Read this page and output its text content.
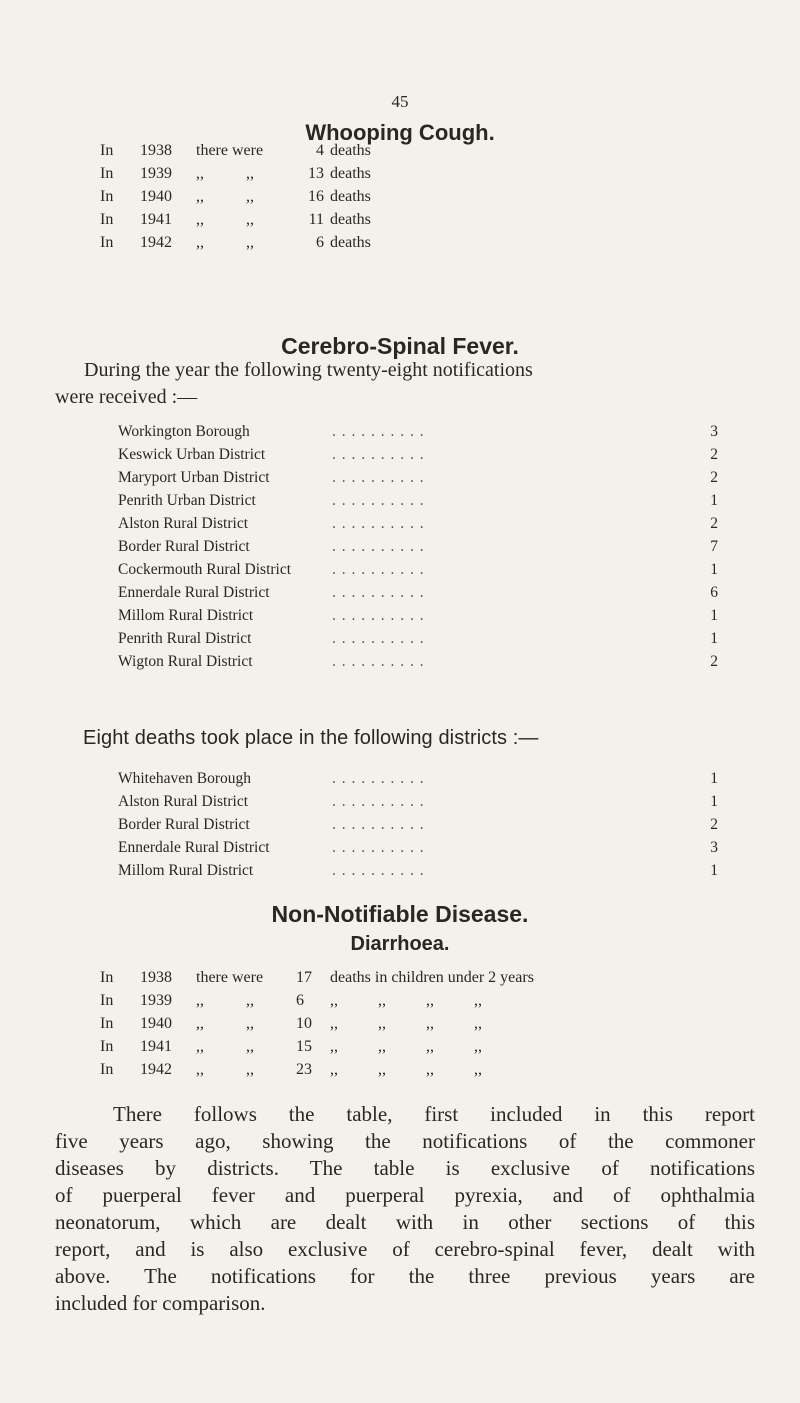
45
Whooping Cough.
In	1938	there were	4 deaths
In	1939	,,	,,	13 deaths
In	1940	,,	,,	16 deaths
In	1941	,,	,,	11 deaths
In	1942	,,	,,	6 deaths
Cerebro-Spinal Fever.
During the year the following twenty-eight notifications
were received :—
Workington Borough	. . . . . . . . . .	3
Keswick Urban District	. . . . . . . . . .	2
Maryport Urban District	. . . . . . . . . .	2
Penrith Urban District	. . . . . . . . . .	1
Alston Rural District	. . . . . . . . . .	2
Border Rural District	. . . . . . . . . .	7
Cockermouth Rural District	. . . . . . . . . .	1
Ennerdale Rural District	. . . . . . . . . .	6
Millom Rural District	. . . . . . . . . .	1
Penrith Rural District	. . . . . . . . . .	1
Wigton Rural District	. . . . . . . . . .	2
Eight deaths took place in the following districts :—
Whitehaven Borough	. . . . . . . . . .	1
Alston Rural District	. . . . . . . . . .	1
Border Rural District	. . . . . . . . . .	2
Ennerdale Rural District	. . . . . . . . . .	3
Millom Rural District	. . . . . . . . . .	1
Non-Notifiable Disease.
Diarrhoea.
In	1938	there were	17	deaths in children under 2 years
In	1939	,,	,,	6	,,          ,,          ,,          ,,
In	1940	,,	,,	10	,,          ,,          ,,          ,,
In	1941	,,	,,	15	,,          ,,          ,,          ,,
In	1942	,,	,,	23	,,          ,,          ,,          ,,
There follows the table, first included in this report
five years ago, showing the notifications of the commoner
diseases by districts. The table is exclusive of notifications
of puerperal fever and puerperal pyrexia, and of ophthalmia
neonatorum, which are dealt with in other sections of this
report, and is also exclusive of cerebro-spinal fever, dealt with
above. The notifications for the three previous years are
included for comparison.
